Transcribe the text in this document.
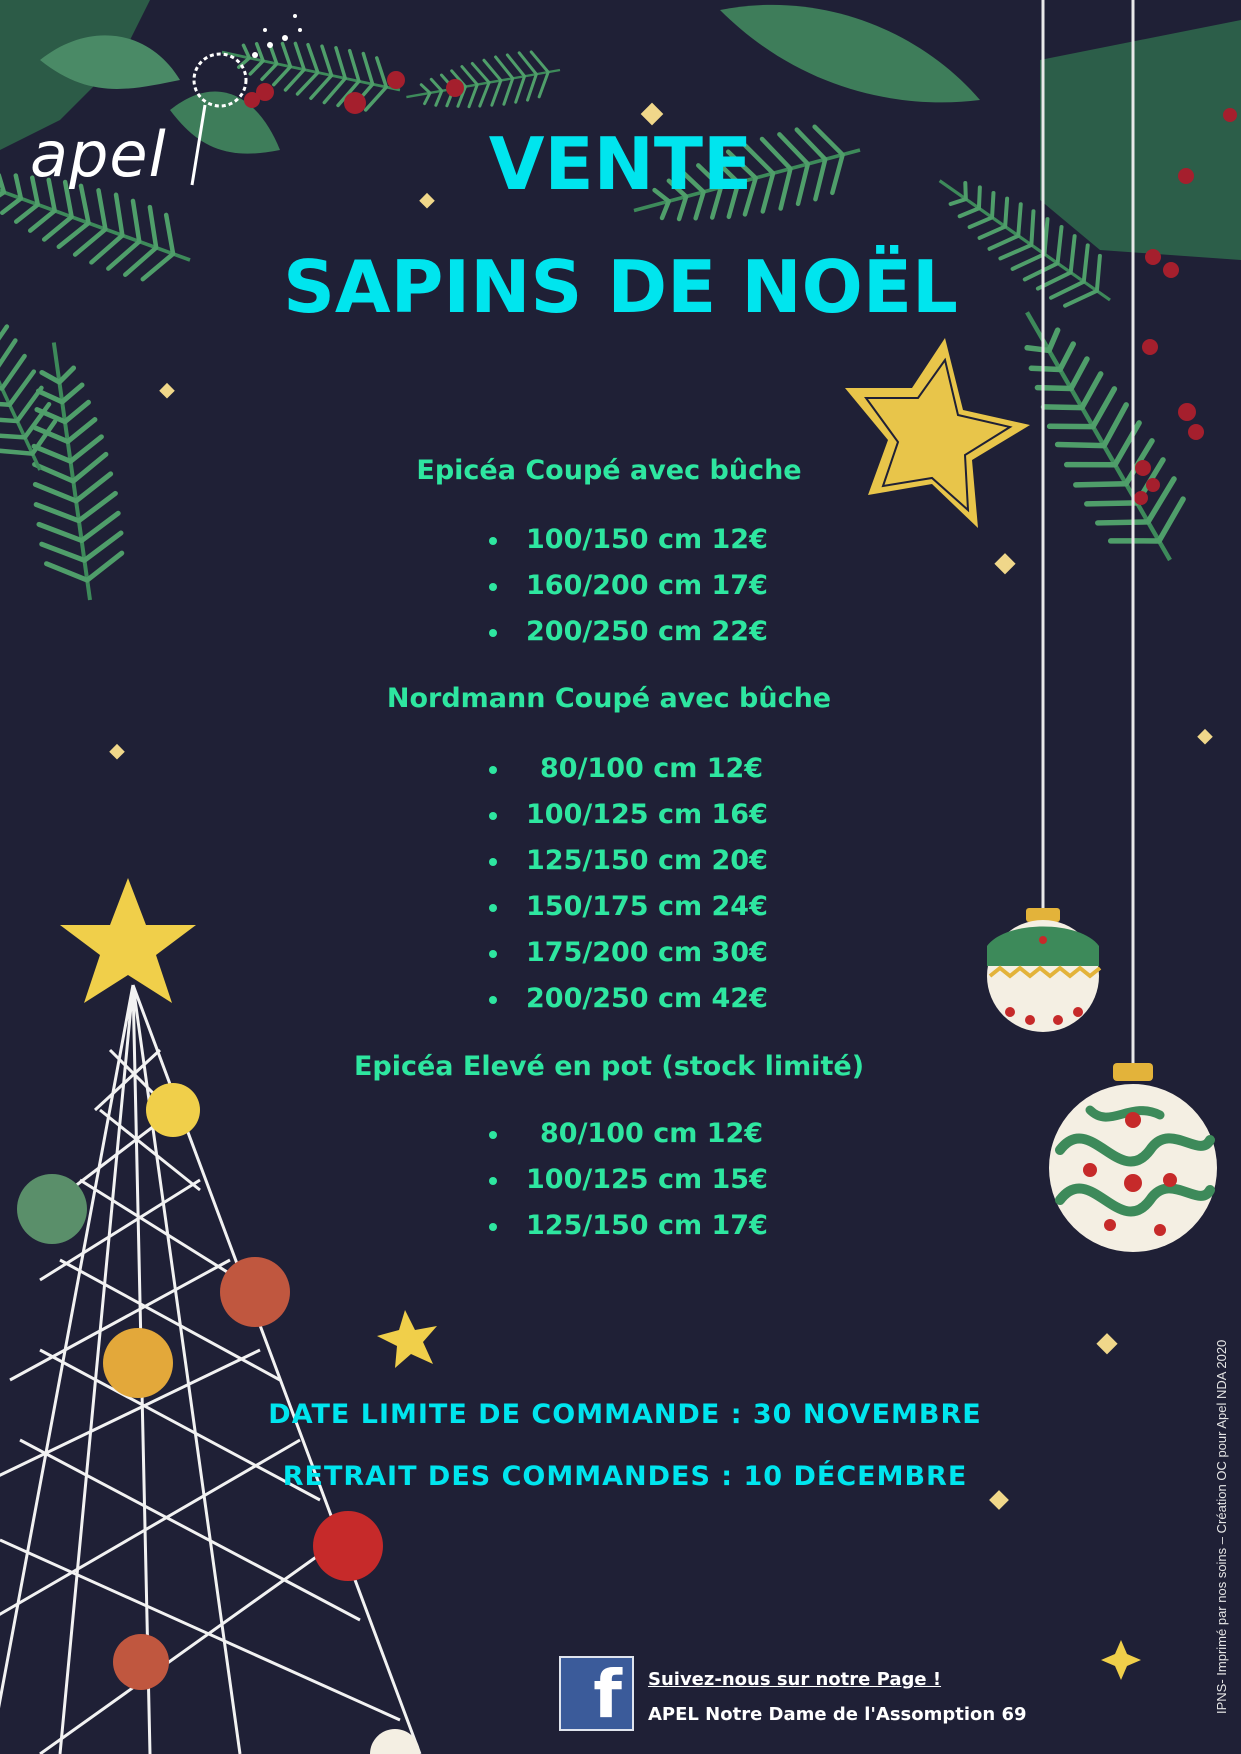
apel	VENTE
SAPINS DE NOËL
Epicéa Coupé avec bûche
100/150 cm 12€
160/200 cm 17€
200/250 cm 22€
Nordmann Coupé avec bûche
80/100 cm 12€
100/125 cm 16€
125/150 cm 20€
150/175 cm 24€
175/200 cm 30€
200/250 cm 42€
Epicéa Elevé en pot (stock limité)
80/100 cm 12€
100/125 cm 15€
125/150 cm 17€
DATE LIMITE DE COMMANDE : 30 NOVEMBRE
RETRAIT DES COMMANDES : 10 DÉCEMBRE
f Suivez-nous sur notre Page !
APEL Notre Dame de l'Assomption 69
IPNS- Imprimé par nos soins – Création OC pour Apel NDA 2020
